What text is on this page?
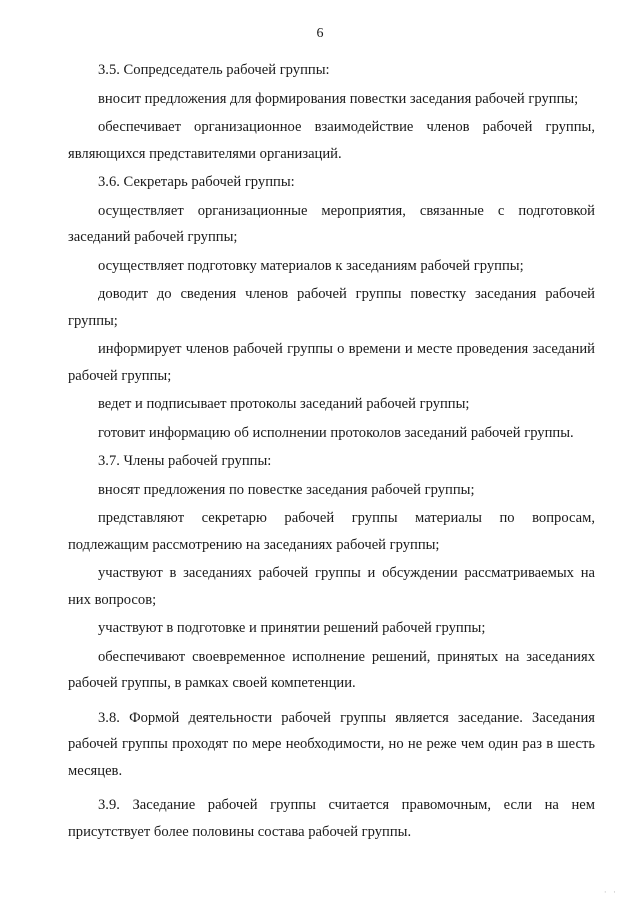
6

3.5. Сопредседатель рабочей группы:

вносит предложения для формирования повестки заседания рабочей группы;

обеспечивает организационное взаимодействие членов рабочей группы, являющихся представителями организаций.

3.6. Секретарь рабочей группы:

осуществляет организационные мероприятия, связанные с подготовкой заседаний рабочей группы;

осуществляет подготовку материалов к заседаниям рабочей группы;

доводит до сведения членов рабочей группы повестку заседания рабочей группы;

информирует членов рабочей группы о времени и месте проведения заседаний рабочей группы;

ведет и подписывает протоколы заседаний рабочей группы;

готовит информацию об исполнении протоколов заседаний рабочей группы.

3.7. Члены рабочей группы:

вносят предложения по повестке заседания рабочей группы;

представляют секретарю рабочей группы материалы по вопросам, подлежащим рассмотрению на заседаниях рабочей группы;

участвуют в заседаниях рабочей группы и обсуждении рассматриваемых на них вопросов;

участвуют в подготовке и принятии решений рабочей группы;

обеспечивают своевременное исполнение решений, принятых на заседаниях рабочей группы, в рамках своей компетенции.

3.8. Формой деятельности рабочей группы является заседание. Заседания рабочей группы проходят по мере необходимости, но не реже чем один раз в шесть месяцев.

3.9. Заседание рабочей группы считается правомочным, если на нем присутствует более половины состава рабочей группы.

· ·
